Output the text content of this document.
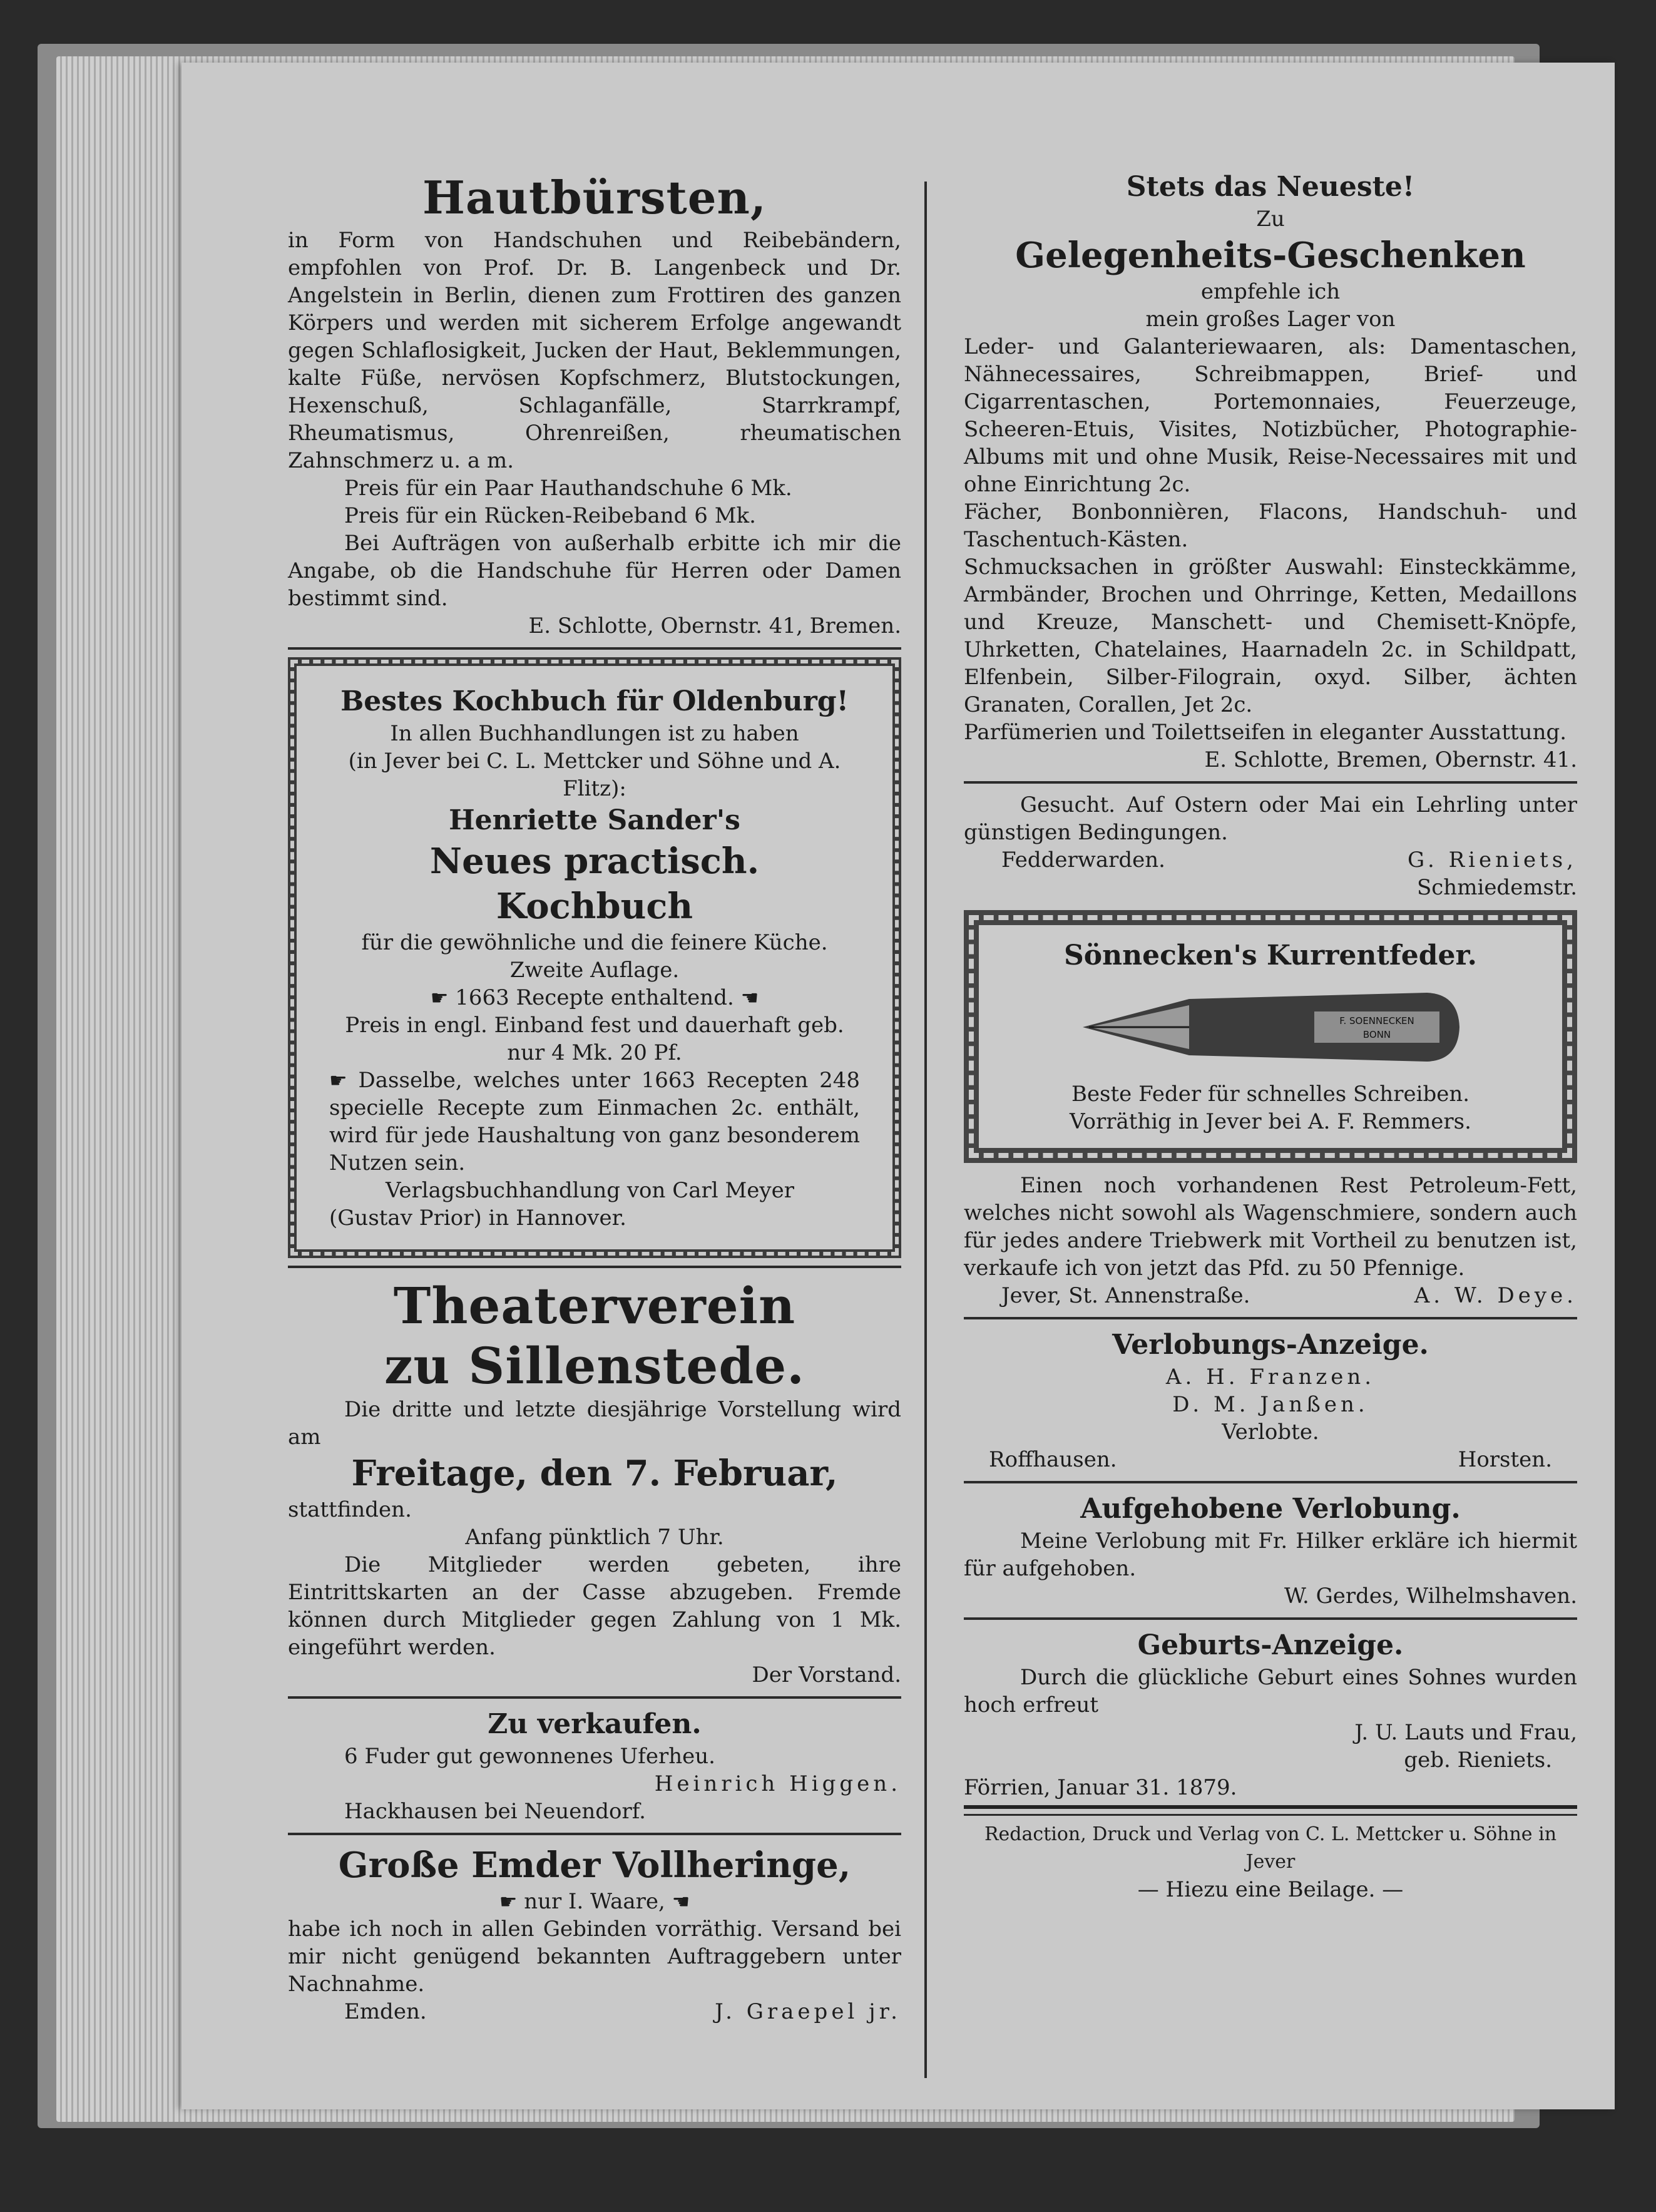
Hautbürsten,

in Form von Handschuhen und Reibebändern, empfohlen von Prof. Dr. B. Langenbeck und Dr. Angelstein in Berlin, dienen zum Frottiren des ganzen Körpers und werden mit sicherem Erfolge angewandt gegen Schlaflosigkeit, Jucken der Haut, Beklemmungen, kalte Füße, nervösen Kopfschmerz, Blutstockungen, Hexenschuß, Schlaganfälle, Starrkrampf, Rheumatismus, Ohrenreißen, rheumatischen Zahnschmerz u. a m.

Preis für ein Paar Hauthandschuhe 6 Mk.

Preis für ein Rücken-Reibeband 6 Mk.

Bei Aufträgen von außerhalb erbitte ich mir die Angabe, ob die Handschuhe für Herren oder Damen bestimmt sind.

E. Schlotte, Obernstr. 41, Bremen.

Bestes Kochbuch für Oldenburg!

In allen Buchhandlungen ist zu haben

(in Jever bei C. L. Mettcker und Söhne und A. Flitz):

Henriette Sander's
Neues practisch. Kochbuch

für die gewöhnliche und die feinere Küche.

Zweite Auflage.

☛ 1663 Recepte enthaltend. ☚

Preis in engl. Einband fest und dauerhaft geb. nur 4 Mk. 20 Pf.

☛ Dasselbe, welches unter 1663 Recepten 248 specielle Recepte zum Einmachen 2c. enthält, wird für jede Haushaltung von ganz besonderem Nutzen sein.

Verlagsbuchhandlung von Carl Meyer (Gustav Prior) in Hannover.

Theaterverein
zu Sillenstede.

Die dritte und letzte diesjährige Vorstellung wird am

Freitage, den 7. Februar,

stattfinden.

Anfang pünktlich 7 Uhr.

Die Mitglieder werden gebeten, ihre Eintrittskarten an der Casse abzugeben. Fremde können durch Mitglieder gegen Zahlung von 1 Mk. eingeführt werden.

Der Vorstand.

Zu verkaufen.

6 Fuder gut gewonnenes Uferheu.

Heinrich Higgen.

Hackhausen bei Neuendorf.

Große Emder Vollheringe,

☛ nur I. Waare, ☚

habe ich noch in allen Gebinden vorräthig. Versand bei mir nicht genügend bekannten Auftraggebern unter Nachnahme.

Emden.	J. Graepel jr.
Stets das Neueste!

Zu

Gelegenheits-Geschenken

empfehle ich

mein großes Lager von

Leder- und Galanteriewaaren, als: Damentaschen, Nähnecessaires, Schreibmappen, Brief- und Cigarrentaschen, Portemonnaies, Feuerzeuge, Scheeren-Etuis, Visites, Notizbücher, Photographie-Albums mit und ohne Musik, Reise-Necessaires mit und ohne Einrichtung 2c.

Fächer, Bonbonnièren, Flacons, Handschuh- und Taschentuch-Kästen.

Schmucksachen in größter Auswahl: Einsteckkämme, Armbänder, Brochen und Ohrringe, Ketten, Medaillons und Kreuze, Manschett- und Chemisett-Knöpfe, Uhrketten, Chatelaines, Haarnadeln 2c. in Schildpatt, Elfenbein, Silber-Filograin, oxyd. Silber, ächten Granaten, Corallen, Jet 2c.

Parfümerien und Toilettseifen in eleganter Ausstattung.

E. Schlotte, Bremen, Obernstr. 41.

Gesucht. Auf Ostern oder Mai ein Lehrling unter günstigen Bedingungen.

Fedderwarden.	G. Rieniets,

Schmiedemstr.

Sönnecken's Kurrentfeder.
F. SOENNECKEN
BONN

Beste Feder für schnelles Schreiben.

Vorräthig in Jever bei A. F. Remmers.

Einen noch vorhandenen Rest Petroleum-Fett, welches nicht sowohl als Wagenschmiere, sondern auch für jedes andere Triebwerk mit Vortheil zu benutzen ist, verkaufe ich von jetzt das Pfd. zu 50 Pfennige.

Jever, St. Annenstraße.	A. W. Deye.
Verlobungs-Anzeige.

A. H. Franzen.

D. M. Janßen.

Verlobte.

Roffhausen.	Horsten.
Aufgehobene Verlobung.

Meine Verlobung mit Fr. Hilker erkläre ich hiermit für aufgehoben.

W. Gerdes, Wilhelmshaven.

Geburts-Anzeige.

Durch die glückliche Geburt eines Sohnes wurden hoch erfreut

J. U. Lauts und Frau,

geb. Rieniets.

Förrien, Januar 31. 1879.

Redaction, Druck und Verlag von C. L. Mettcker u. Söhne in Jever

— Hiezu eine Beilage. —
